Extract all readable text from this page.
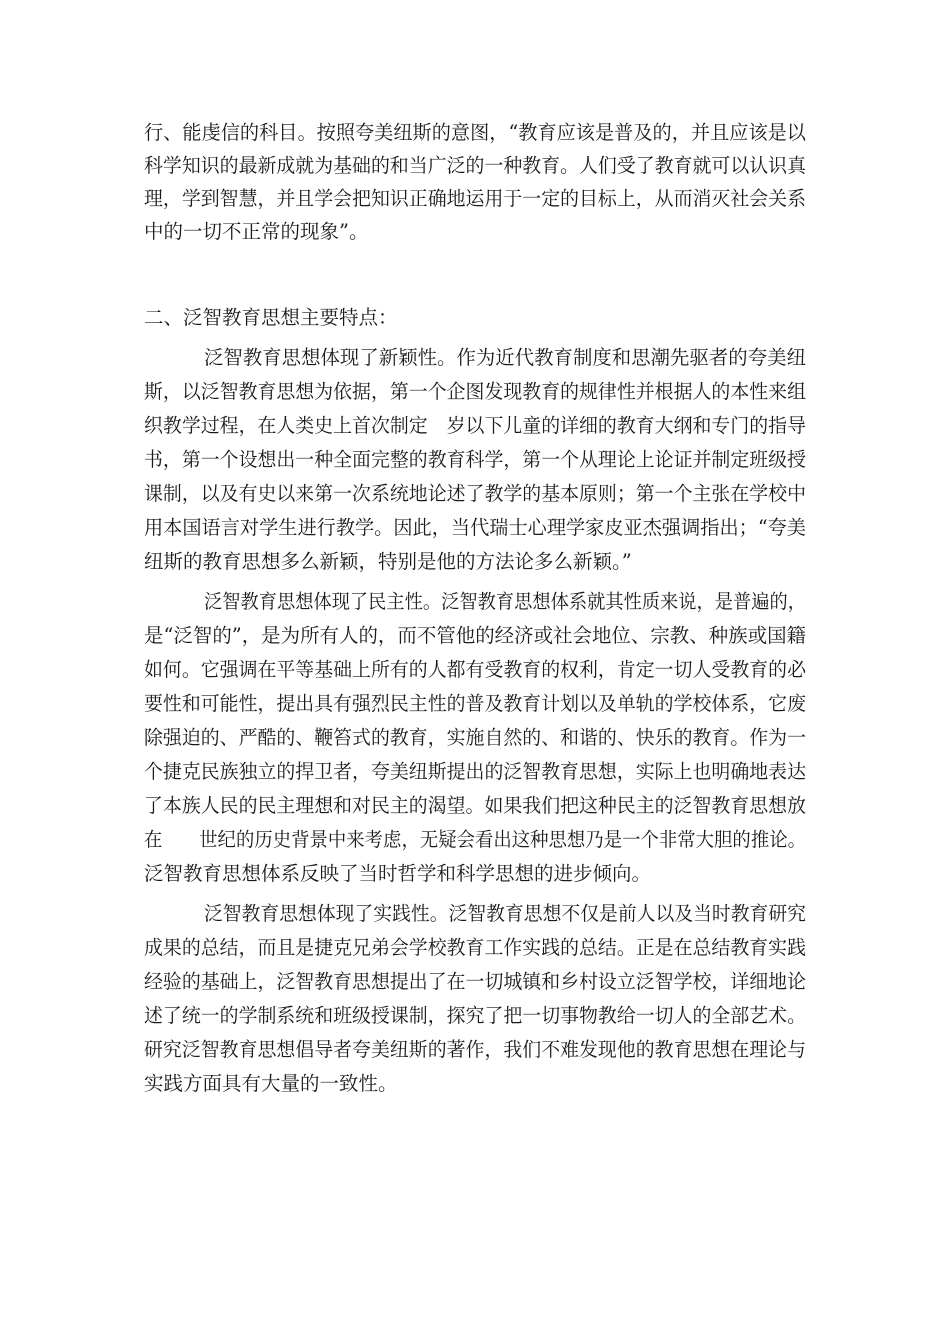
行、能虔信的科目。按照夸美纽斯的意图，“教育应该是普及的，并且应该是以
科学知识的最新成就为基础的和当广泛的一种教育。人们受了教育就可以认识真
理，学到智慧，并且学会把知识正确地运用于一定的目标上，从而消灭社会关系
中的一切不正常的现象”。
二、泛智教育思想主要特点：
泛智教育思想体现了新颖性。作为近代教育制度和思潮先驱者的夸美纽
斯，以泛智教育思想为依据，第一个企图发现教育的规律性并根据人的本性来组
织教学过程，在人类史上首次制定　岁以下儿童的详细的教育大纲和专门的指导
书，第一个设想出一种全面完整的教育科学，第一个从理论上论证并制定班级授
课制，以及有史以来第一次系统地论述了教学的基本原则；第一个主张在学校中
用本国语言对学生进行教学。因此，当代瑞士心理学家皮亚杰强调指出；“夸美
纽斯的教育思想多么新颖，特别是他的方法论多么新颖。”
泛智教育思想体现了民主性。泛智教育思想体系就其性质来说，是普遍的，
是“泛智的”，是为所有人的，而不管他的经济或社会地位、宗教、种族或国籍
如何。它强调在平等基础上所有的人都有受教育的权利，肯定一切人受教育的必
要性和可能性，提出具有强烈民主性的普及教育计划以及单轨的学校体系，它废
除强迫的、严酷的、鞭笞式的教育，实施自然的、和谐的、快乐的教育。作为一
个捷克民族独立的捍卫者，夸美纽斯提出的泛智教育思想，实际上也明确地表达
了本族人民的民主理想和对民主的渴望。如果我们把这种民主的泛智教育思想放
在　　世纪的历史背景中来考虑，无疑会看出这种思想乃是一个非常大胆的推论。
泛智教育思想体系反映了当时哲学和科学思想的进步倾向。
泛智教育思想体现了实践性。泛智教育思想不仅是前人以及当时教育研究
成果的总结，而且是捷克兄弟会学校教育工作实践的总结。正是在总结教育实践
经验的基础上，泛智教育思想提出了在一切城镇和乡村设立泛智学校，详细地论
述了统一的学制系统和班级授课制，探究了把一切事物教给一切人的全部艺术。
研究泛智教育思想倡导者夸美纽斯的著作，我们不难发现他的教育思想在理论与
实践方面具有大量的一致性。
